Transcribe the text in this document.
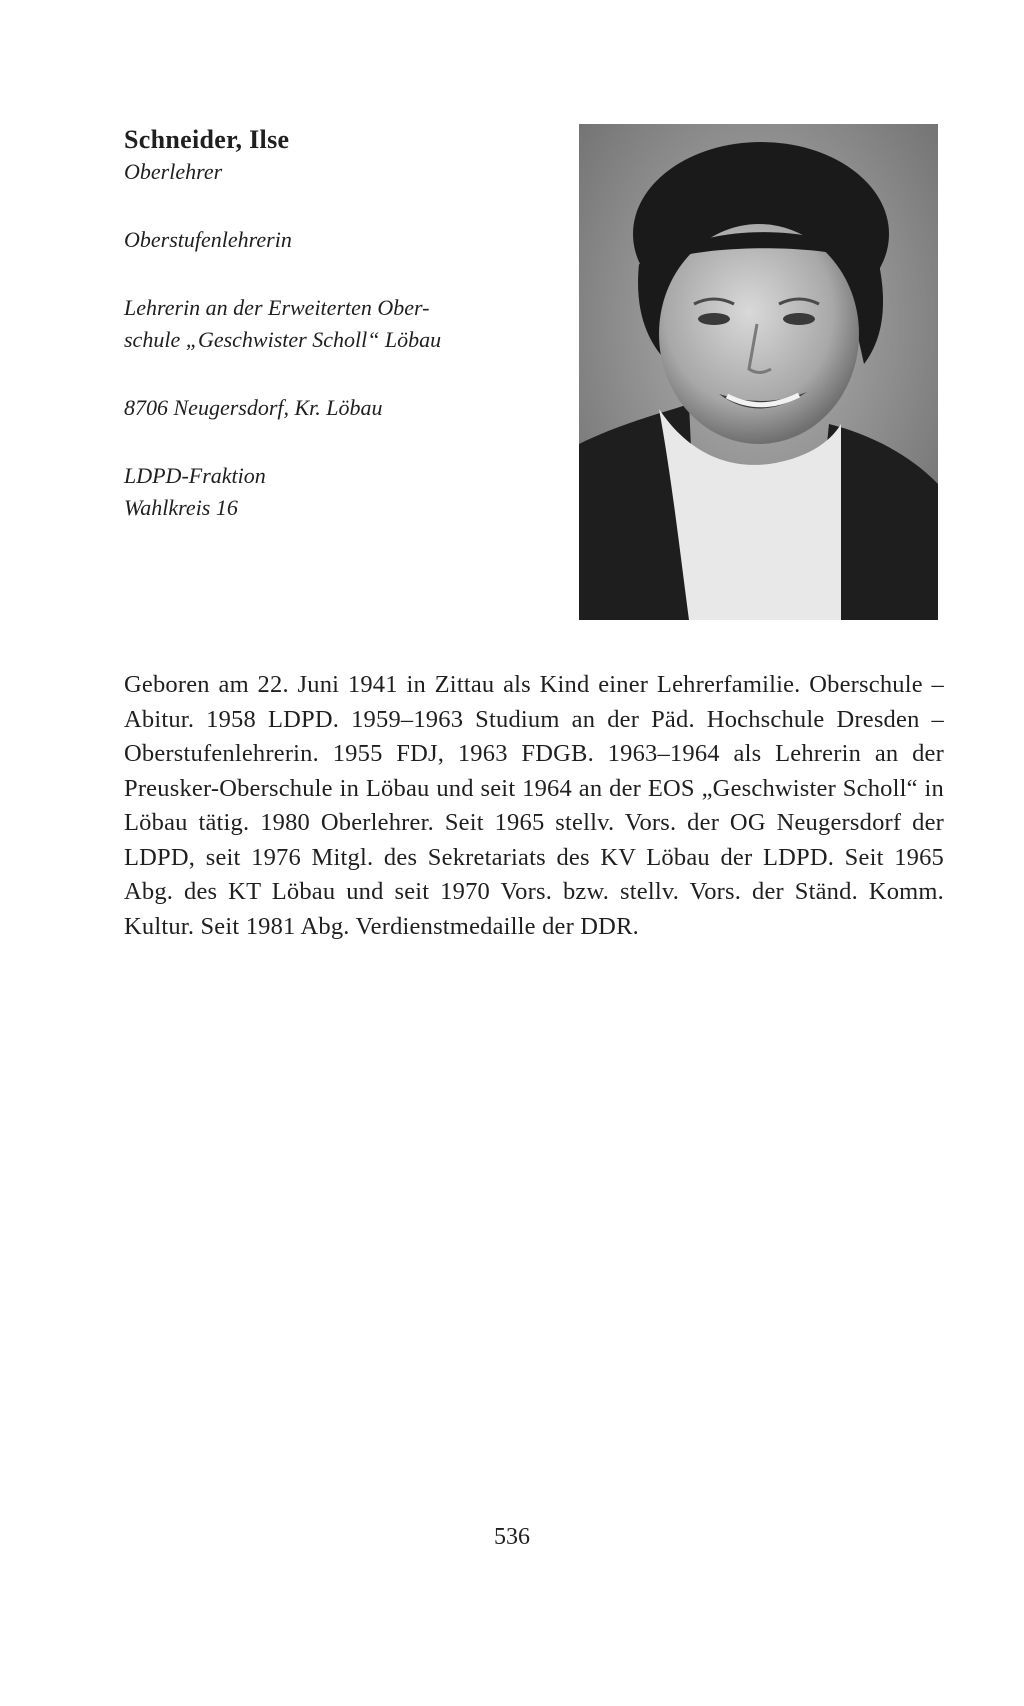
Schneider, Ilse

Oberlehrer

Oberstufenlehrerin

Lehrerin an der Erweiterten Ober-

schule „Geschwister Scholl“ Löbau

8706 Neugersdorf, Kr. Löbau

LDPD-Fraktion

Wahlkreis 16

Geboren am 22. Juni 1941 in Zittau als Kind einer Lehrerfamilie. Oberschule – Abitur. 1958 LDPD. 1959–1963 Studium an der Päd. Hochschule Dresden – Oberstufenlehrerin. 1955 FDJ, 1963 FDGB. 1963–1964 als Lehrerin an der Preusker-Oberschule in Löbau und seit 1964 an der EOS „Geschwister Scholl“ in Löbau tätig. 1980 Oberlehrer. Seit 1965 stellv. Vors. der OG Neugersdorf der LDPD, seit 1976 Mitgl. des Sekretariats des KV Löbau der LDPD. Seit 1965 Abg. des KT Löbau und seit 1970 Vors. bzw. stellv. Vors. der Ständ. Komm. Kultur. Seit 1981 Abg. Verdienstmedaille der DDR.

536
